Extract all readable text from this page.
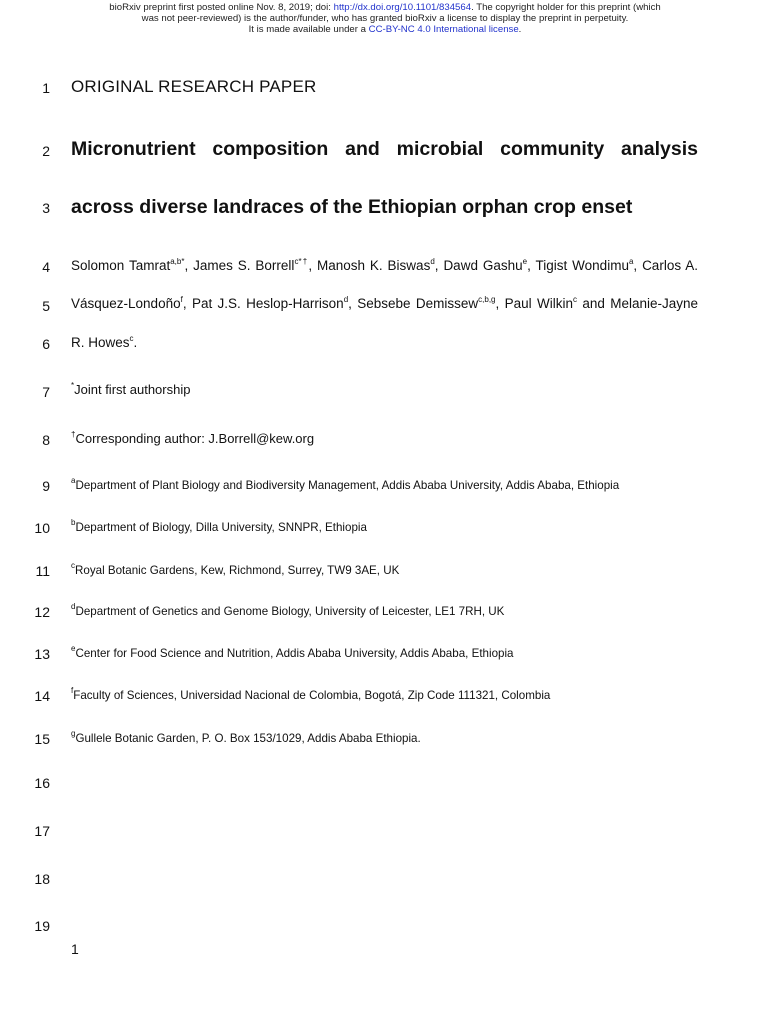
bioRxiv preprint first posted online Nov. 8, 2019; doi: http://dx.doi.org/10.1101/834564. The copyright holder for this preprint (which
was not peer-reviewed) is the author/funder, who has granted bioRxiv a license to display the preprint in perpetuity.
It is made available under a CC-BY-NC 4.0 International license.
1
2
3
4
5
6
7
8
9
10
11
12
13
14
15
16
17
18
19
ORIGINAL RESEARCH PAPER
Micronutrient composition and microbial community analysis
across diverse landraces of the Ethiopian orphan crop enset
Solomon Tamrat$^{a,b*}$, James S. Borrell$^{c*\dagger}$, Manosh K. Biswas$^d$, Dawd Gashu$^e$, Tigist Wondimu$^a$, Carlos A.
Vásquez-Londoño$^f$, Pat J.S. Heslop-Harrison$^d$, Sebsebe Demissew$^{c,b,g}$, Paul Wilkin$^c$ and Melanie-Jayne
R. Howes$^c$.
*Joint first authorship
†Corresponding author: J.Borrell@kew.org
$^a$Department of Plant Biology and Biodiversity Management, Addis Ababa University, Addis Ababa, Ethiopia
$^b$Department of Biology, Dilla University, SNNPR, Ethiopia
$^c$Royal Botanic Gardens, Kew, Richmond, Surrey, TW9 3AE, UK
$^d$Department of Genetics and Genome Biology, University of Leicester, LE1 7RH, UK
$^e$Center for Food Science and Nutrition, Addis Ababa University, Addis Ababa, Ethiopia
$^f$Faculty of Sciences, Universidad Nacional de Colombia, Bogotá, Zip Code 111321, Colombia
$^g$Gullele Botanic Garden, P. O. Box 153/1029, Addis Ababa Ethiopia.
1
